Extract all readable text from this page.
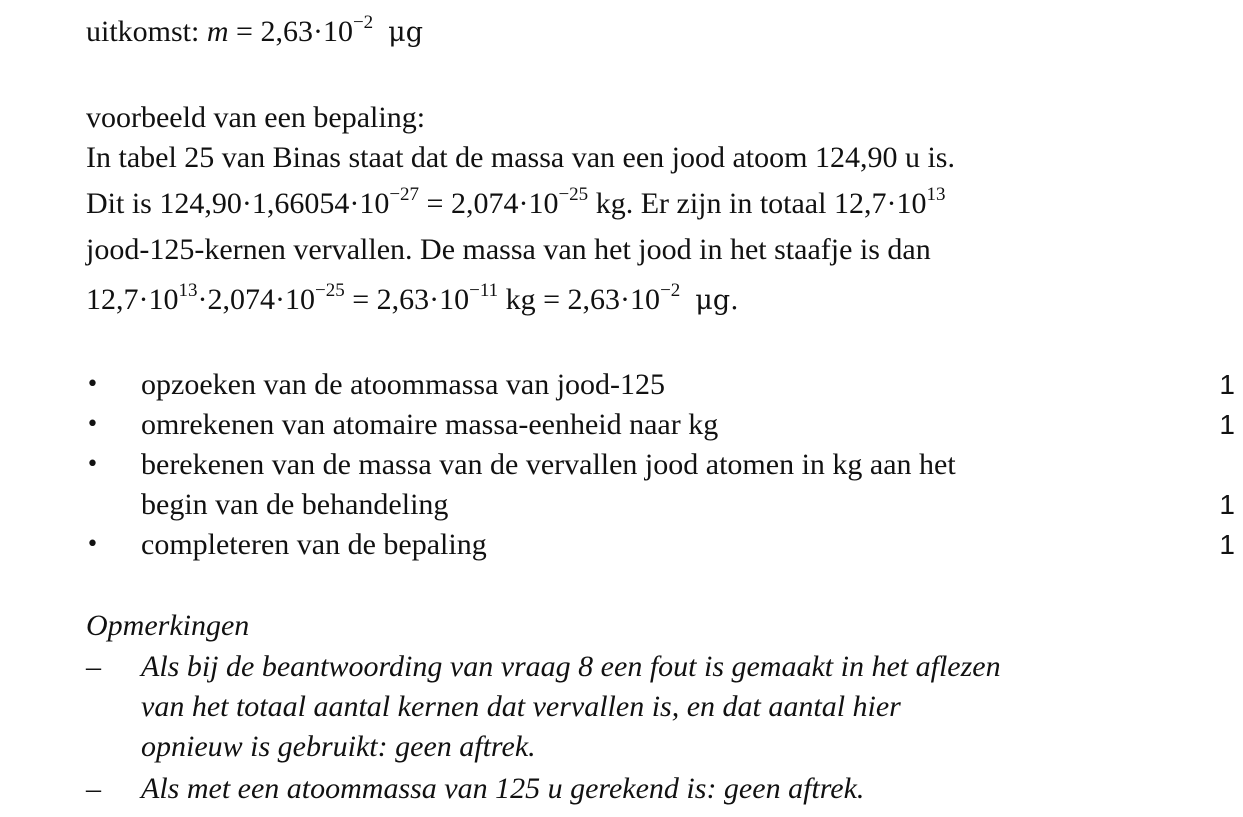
uitkomst: $m = 2,63\cdot 10^{-2}$ μg
voorbeeld van een bepaling:
In tabel 25 van Binas staat dat de massa van een jood atoom 124,90 u is.
Dit is $124,90\cdot 1,66054\cdot 10^{-27} = 2,074\cdot 10^{-25}$ kg. Er zijn in totaal $12,7\cdot 10^{13}$
jood-125-kernen vervallen. De massa van het jood in het staafje is dan
$12,7\cdot 10^{13}\cdot 2,074\cdot 10^{-25} = 2,63\cdot 10^{-11}$ kg = $2,63\cdot 10^{-2}$ μg.
• opzoeken van de atoommassa van jood-125	1
• omrekenen van atomaire massa-eenheid naar kg	1
• berekenen van de massa van de vervallen jood atomen in kg aan het
begin van de behandeling	1
• completeren van de bepaling	1
Opmerkingen
– Als bij de beantwoording van vraag 8 een fout is gemaakt in het aflezen
van het totaal aantal kernen dat vervallen is, en dat aantal hier
opnieuw is gebruikt: geen aftrek.
– Als met een atoommassa van 125 u gerekend is: geen aftrek.
